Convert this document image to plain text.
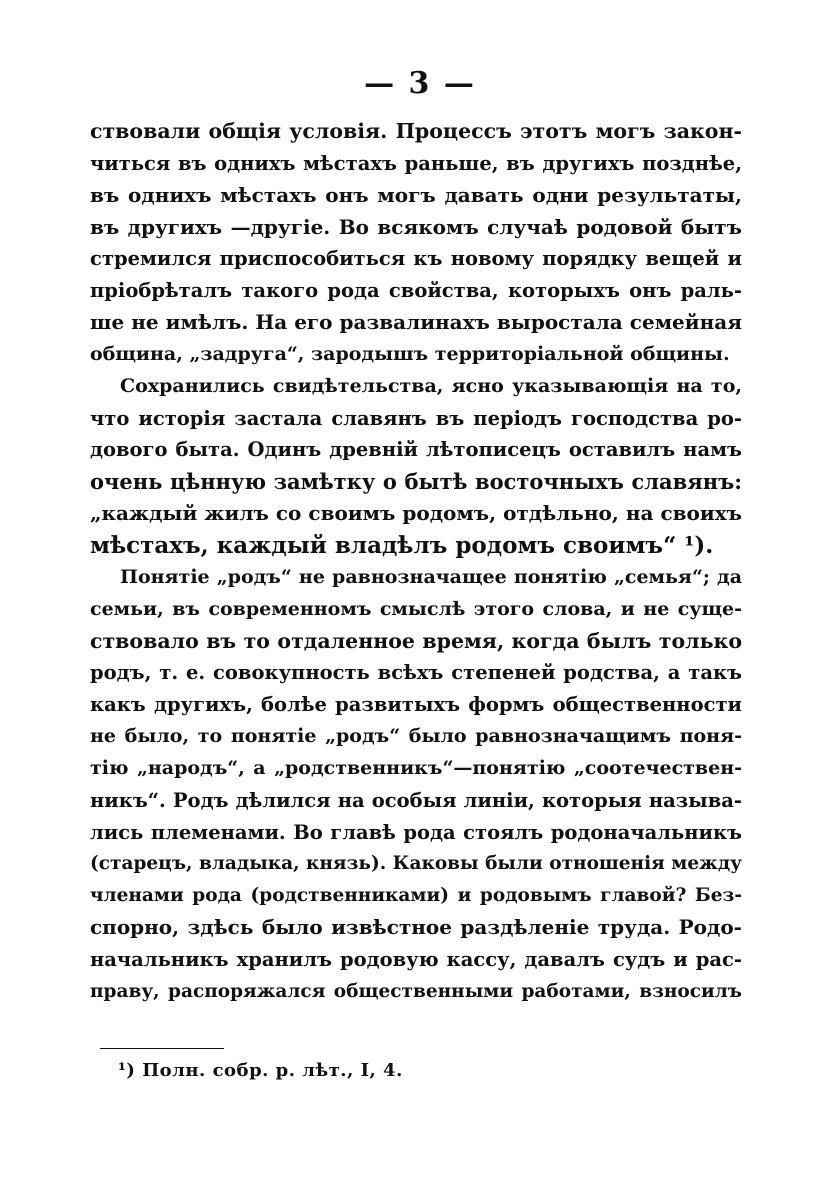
— 3 —
ствовали общія условія. Процессъ этотъ могъ закон-
читься въ однихъ мѣстахъ раньше, въ другихъ позднѣе,
въ однихъ мѣстахъ онъ могъ давать одни результаты,
въ другихъ —другіе. Во всякомъ случаѣ родовой бытъ
стремился приспособиться къ новому порядку вещей и
пріобрѣталъ такого рода свойства, которыхъ онъ раль-
ше не имѣлъ. На его развалинахъ выростала семейная
община, „задруга“, зародышъ территоріальной общины.
Сохранились свидѣтельства, ясно указывающія на то,
что исторія застала славянъ въ періодъ господства ро-
дового быта. Одинъ древній лѣтописецъ оставилъ намъ
очень цѣнную замѣтку о бытѣ восточныхъ славянъ:
„каждый жилъ со своимъ родомъ, отдѣльно, на своихъ
мѣстахъ, каждый владѣлъ родомъ своимъ“ ¹).
Понятіе „родъ“ не равнозначащее понятію „семья“; да
семьи, въ современномъ смыслѣ этого слова, и не суще-
ствовало въ то отдаленное время, когда былъ только
родъ, т. е. совокупность всѣхъ степеней родства, а такъ
какъ другихъ, болѣе развитыхъ формъ общественности
не было, то понятіе „родъ“ было равнозначащимъ поня-
тію „народъ“, а „родственникъ“—понятію „соотечествен-
никъ“. Родъ дѣлился на особыя линіи, которыя называ-
лись племенами. Во главѣ рода стоялъ родоначальникъ
(старецъ, владыка, князь). Каковы были отношенія между
членами рода (родственниками) и родовымъ главой? Без-
спорно, здѣсь было извѣстное раздѣленіе труда. Родо-
начальникъ хранилъ родовую кассу, давалъ судъ и рас-
праву, распоряжался общественными работами, взносилъ
¹) Полн. собр. р. лѣт., I, 4.
